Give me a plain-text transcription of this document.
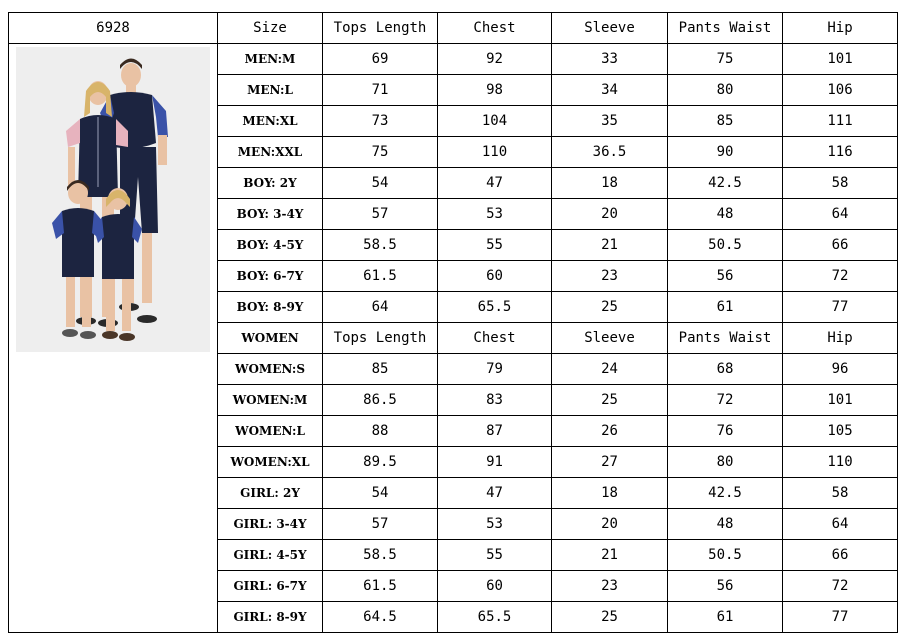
6928	Size	Tops Length	Chest	Sleeve	Pants Waist	Hip

	MEN:M	69	92	33	75	101
	MEN:L	71	98	34	80	106
	MEN:XL	73	104	35	85	111
	MEN:XXL	75	110	36.5	90	116
	BOY: 2Y	54	47	18	42.5	58
	BOY: 3-4Y	57	53	20	48	64
	BOY: 4-5Y	58.5	55	21	50.5	66
	BOY: 6-7Y	61.5	60	23	56	72
	BOY: 8-9Y	64	65.5	25	61	77
	WOMEN	Tops Length	Chest	Sleeve	Pants Waist	Hip
	WOMEN:S	85	79	24	68	96
	WOMEN:M	86.5	83	25	72	101
	WOMEN:L	88	87	26	76	105
	WOMEN:XL	89.5	91	27	80	110
	GIRL: 2Y	54	47	18	42.5	58
	GIRL: 3-4Y	57	53	20	48	64
	GIRL: 4-5Y	58.5	55	21	50.5	66
	GIRL: 6-7Y	61.5	60	23	56	72
	GIRL: 8-9Y	64.5	65.5	25	61	77
